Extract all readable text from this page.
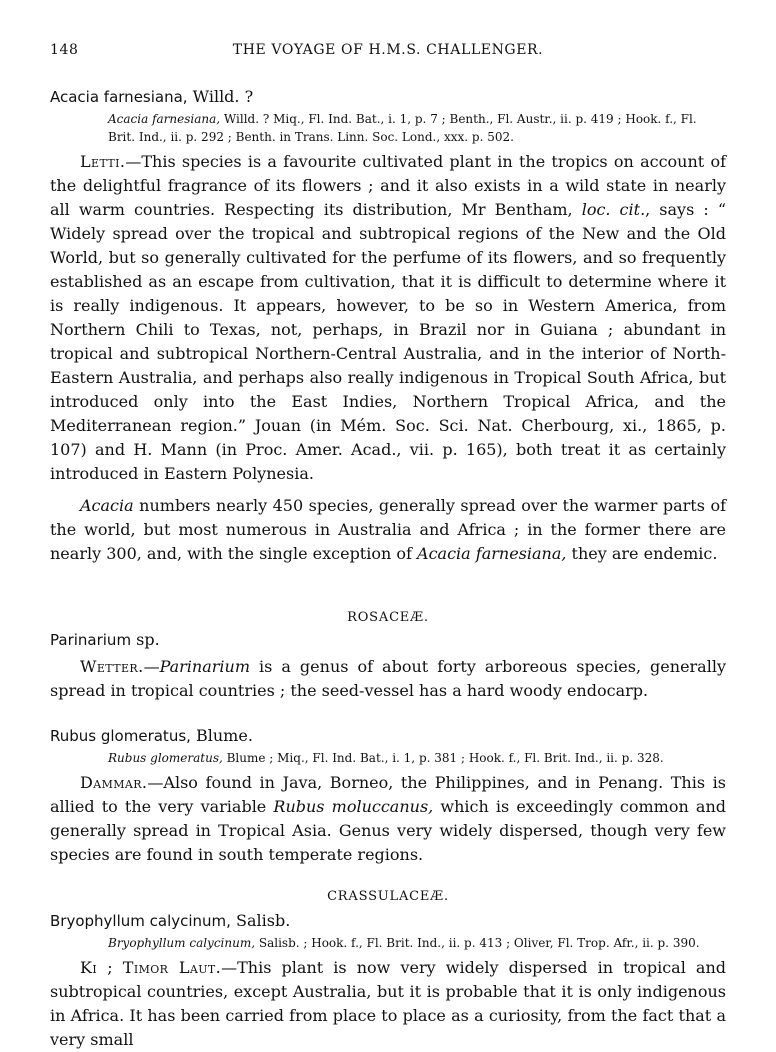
148	THE VOYAGE OF H.M.S. CHALLENGER.
Acacia farnesiana, Willd. ?
Acacia farnesiana, Willd. ? Miq., Fl. Ind. Bat., i. 1, p. 7 ; Benth., Fl. Austr., ii. p. 419 ; Hook. f., Fl. Brit. Ind., ii. p. 292 ; Benth. in Trans. Linn. Soc. Lond., xxx. p. 502.

Letti.—This species is a favourite cultivated plant in the tropics on account of the delightful fragrance of its flowers ; and it also exists in a wild state in nearly all warm countries. Respecting its distribution, Mr Bentham, loc. cit., says : “ Widely spread over the tropical and subtropical regions of the New and the Old World, but so generally cultivated for the perfume of its flowers, and so frequently established as an escape from cultivation, that it is difficult to determine where it is really indigenous. It appears, however, to be so in Western America, from Northern Chili to Texas, not, perhaps, in Brazil nor in Guiana ; abundant in tropical and subtropical Northern-Central Australia, and in the interior of North-Eastern Australia, and perhaps also really indigenous in Tropical South Africa, but introduced only into the East Indies, Northern Tropical Africa, and the Mediterranean region.” Jouan (in Mém. Soc. Sci. Nat. Cherbourg, xi., 1865, p. 107) and H. Mann (in Proc. Amer. Acad., vii. p. 165), both treat it as certainly introduced in Eastern Polynesia.

Acacia numbers nearly 450 species, generally spread over the warmer parts of the world, but most numerous in Australia and Africa ; in the former there are nearly 300, and, with the single exception of Acacia farnesiana, they are endemic.

ROSACEÆ.
Parinarium sp.

Wetter.—Parinarium is a genus of about forty arboreous species, generally spread in tropical countries ; the seed-vessel has a hard woody endocarp.

Rubus glomeratus, Blume.
Rubus glomeratus, Blume ; Miq., Fl. Ind. Bat., i. 1, p. 381 ; Hook. f., Fl. Brit. Ind., ii. p. 328.

Dammar.—Also found in Java, Borneo, the Philippines, and in Penang. This is allied to the very variable Rubus moluccanus, which is exceedingly common and generally spread in Tropical Asia. Genus very widely dispersed, though very few species are found in south temperate regions.

CRASSULACEÆ.
Bryophyllum calycinum, Salisb.
Bryophyllum calycinum, Salisb. ; Hook. f., Fl. Brit. Ind., ii. p. 413 ; Oliver, Fl. Trop. Afr., ii. p. 390.

Ki ; Timor Laut.—This plant is now very widely dispersed in tropical and subtropical countries, except Australia, but it is probable that it is only indigenous in Africa. It has been carried from place to place as a curiosity, from the fact that a very small
